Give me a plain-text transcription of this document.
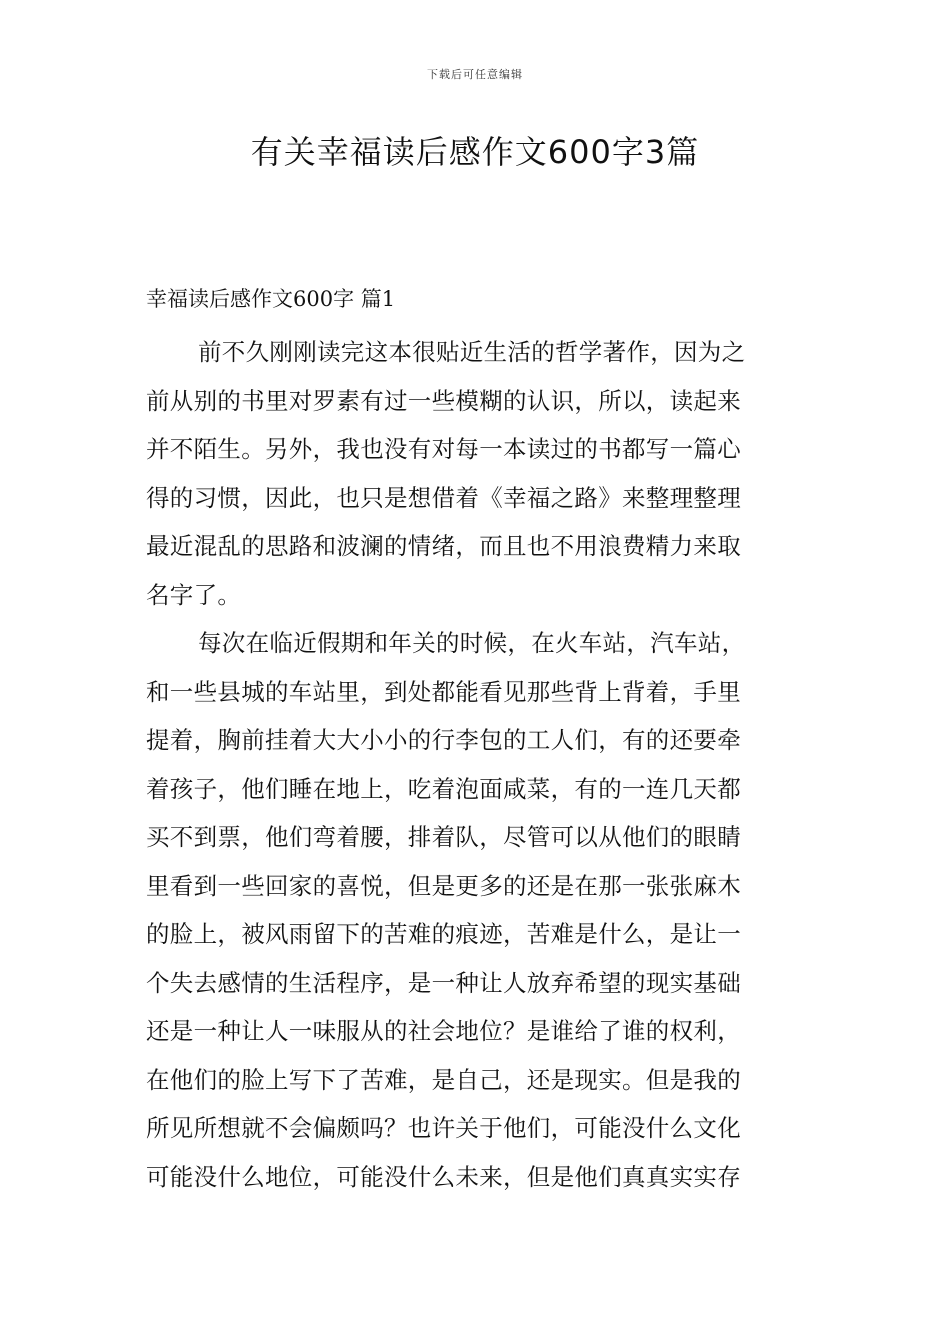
下载后可任意编辑
有关幸福读后感作文600字3篇
幸福读后感作文600字 篇1
前不久刚刚读完这本很贴近生活的哲学著作，因为之
前从别的书里对罗素有过一些模糊的认识，所以，读起来
并不陌生。另外，我也没有对每一本读过的书都写一篇心
得的习惯，因此，也只是想借着《幸福之路》来整理整理
最近混乱的思路和波澜的情绪，而且也不用浪费精力来取
名字了。
每次在临近假期和年关的时候，在火车站，汽车站，
和一些县城的车站里，到处都能看见那些背上背着，手里
提着，胸前挂着大大小小的行李包的工人们，有的还要牵
着孩子，他们睡在地上，吃着泡面咸菜，有的一连几天都
买不到票，他们弯着腰，排着队，尽管可以从他们的眼睛
里看到一些回家的喜悦，但是更多的还是在那一张张麻木
的脸上，被风雨留下的苦难的痕迹，苦难是什么，是让一
个失去感情的生活程序，是一种让人放弃希望的现实基础
还是一种让人一味服从的社会地位？是谁给了谁的权利，
在他们的脸上写下了苦难，是自己，还是现实。但是我的
所见所想就不会偏颇吗？也许关于他们，可能没什么文化
可能没什么地位，可能没什么未来，但是他们真真实实存
